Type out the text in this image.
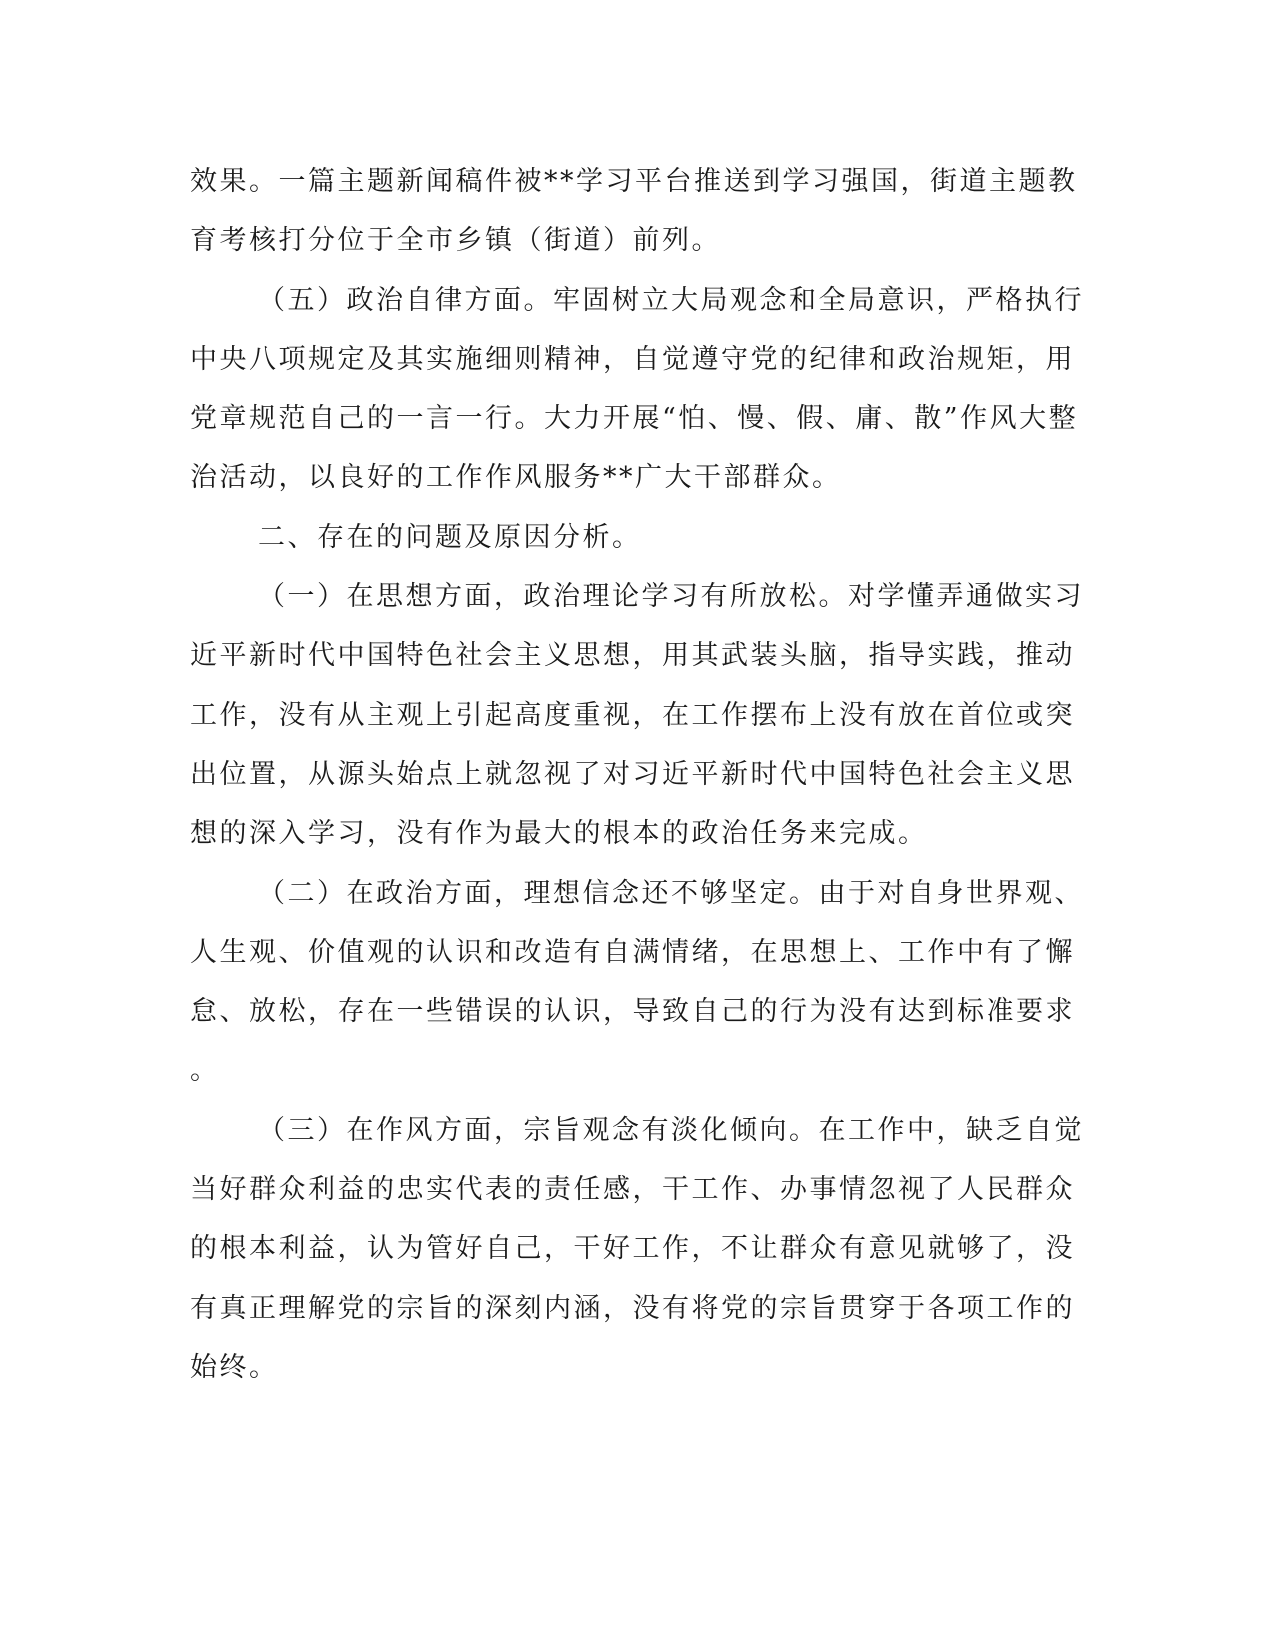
效果。一篇主题新闻稿件被**学习平台推送到学习强国，街道主题教
育考核打分位于全市乡镇（街道）前列。
（五）政治自律方面。牢固树立大局观念和全局意识，严格执行
中央八项规定及其实施细则精神，自觉遵守党的纪律和政治规矩，用
党章规范自己的一言一行。大力开展“怕、慢、假、庸、散”作风大整
治活动，以良好的工作作风服务**广大干部群众。
二、存在的问题及原因分析。
（一）在思想方面，政治理论学习有所放松。对学懂弄通做实习
近平新时代中国特色社会主义思想，用其武装头脑，指导实践，推动
工作，没有从主观上引起高度重视，在工作摆布上没有放在首位或突
出位置，从源头始点上就忽视了对习近平新时代中国特色社会主义思
想的深入学习，没有作为最大的根本的政治任务来完成。
（二）在政治方面，理想信念还不够坚定。由于对自身世界观、
人生观、价值观的认识和改造有自满情绪，在思想上、工作中有了懈
怠、放松，存在一些错误的认识，导致自己的行为没有达到标准要求
。
（三）在作风方面，宗旨观念有淡化倾向。在工作中，缺乏自觉
当好群众利益的忠实代表的责任感，干工作、办事情忽视了人民群众
的根本利益，认为管好自己，干好工作，不让群众有意见就够了，没
有真正理解党的宗旨的深刻内涵，没有将党的宗旨贯穿于各项工作的
始终。
